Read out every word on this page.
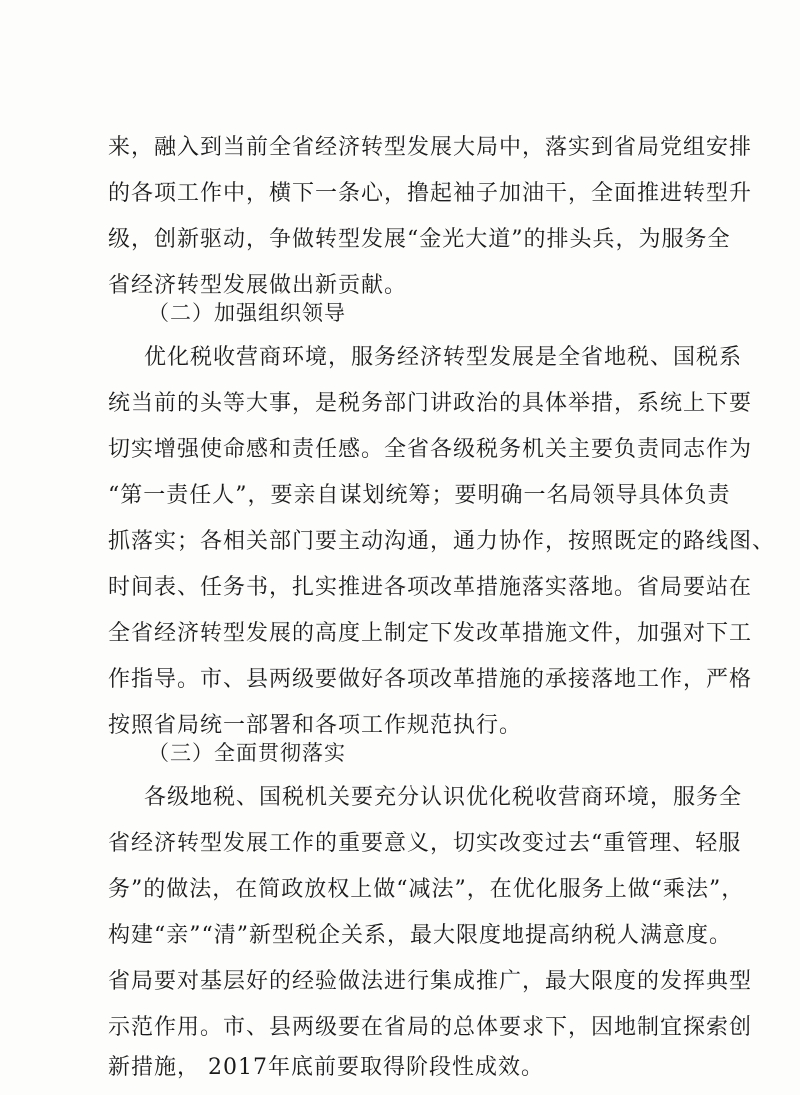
来，融入到当前全省经济转型发展大局中，落实到省局党组安排
的各项工作中，横下一条心，撸起袖子加油干，全面推进转型升
级，创新驱动，争做转型发展“金光大道”的排头兵，为服务全
省经济转型发展做出新贡献。
（二）加强组织领导
优化税收营商环境，服务经济转型发展是全省地税、国税系
统当前的头等大事，是税务部门讲政治的具体举措，系统上下要
切实增强使命感和责任感。全省各级税务机关主要负责同志作为
“第一责任人”，要亲自谋划统筹；要明确一名局领导具体负责
抓落实；各相关部门要主动沟通，通力协作，按照既定的路线图、
时间表、任务书，扎实推进各项改革措施落实落地。省局要站在
全省经济转型发展的高度上制定下发改革措施文件，加强对下工
作指导。市、县两级要做好各项改革措施的承接落地工作，严格
按照省局统一部署和各项工作规范执行。
（三）全面贯彻落实
各级地税、国税机关要充分认识优化税收营商环境，服务全
省经济转型发展工作的重要意义，切实改变过去“重管理、轻服
务”的做法，在简政放权上做“减法”，在优化服务上做“乘法”，
构建“亲”“清”新型税企关系，最大限度地提高纳税人满意度。
省局要对基层好的经验做法进行集成推广，最大限度的发挥典型
示范作用。市、县两级要在省局的总体要求下，因地制宜探索创
新措施， 2017年底前要取得阶段性成效。
